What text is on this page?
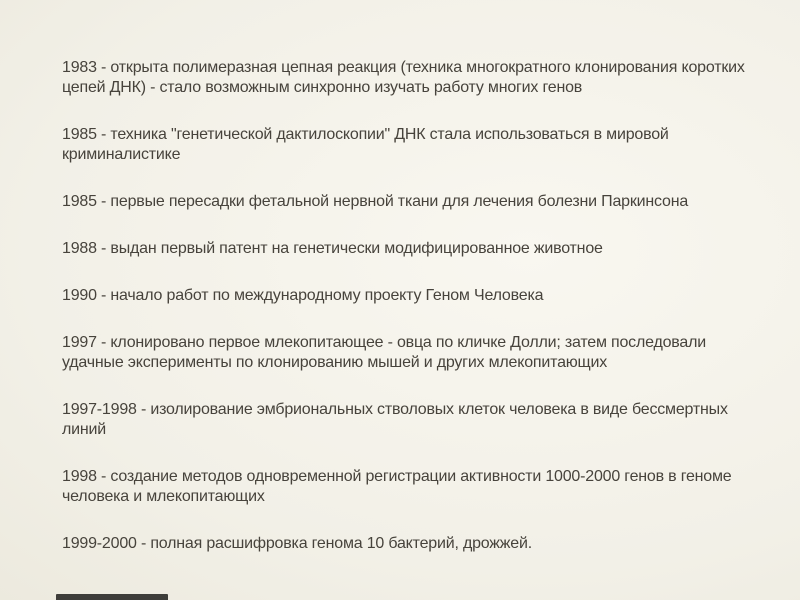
1983 - открыта полимеразная цепная реакция (техника многократного клонирования коротких цепей ДНК) - стало возможным синхронно изучать работу многих генов

1985 - техника "генетической дактилоскопии" ДНК стала использоваться в мировой криминалистике

1985 - первые пересадки фетальной нервной ткани для лечения болезни Паркинсона

1988 - выдан первый патент на генетически модифицированное животное

1990 - начало работ по международному проекту Геном Человека

1997 - клонировано первое млекопитающее - овца по кличке Долли; затем последовали удачные эксперименты по клонированию мышей и других млекопитающих

1997-1998 - изолирование эмбриональных стволовых клеток человека в виде бессмертных линий

1998 - создание методов одновременной регистрации активности 1000-2000 генов в геноме человека и млекопитающих

1999-2000 - полная расшифровка генома 10 бактерий, дрожжей.
